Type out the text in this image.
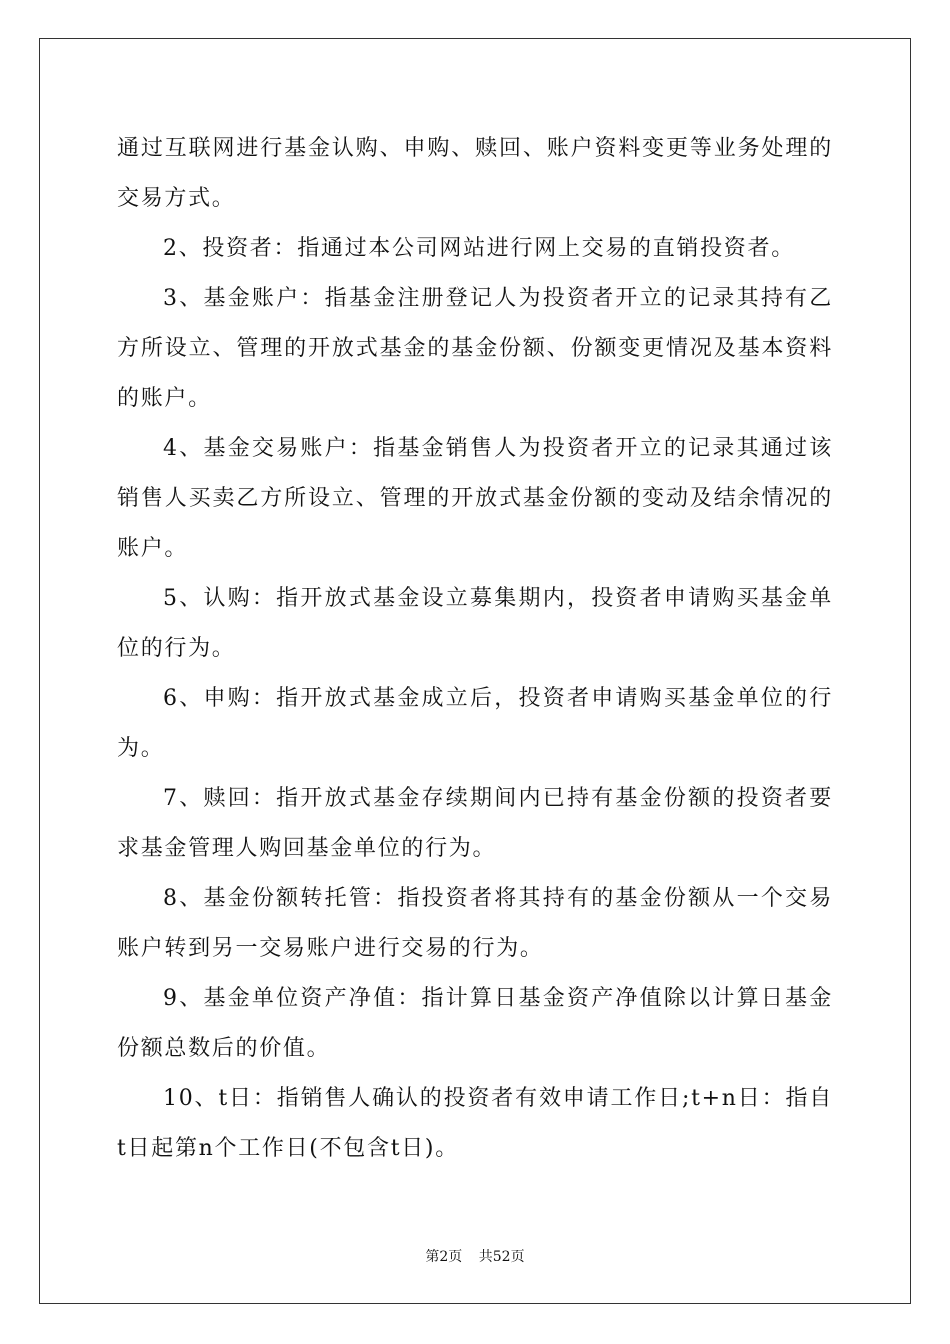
通过互联网进行基金认购、申购、赎回、账户资料变更等业务处理的交易方式。

2、投资者：指通过本公司网站进行网上交易的直销投资者。

3、基金账户：指基金注册登记人为投资者开立的记录其持有乙方所设立、管理的开放式基金的基金份额、份额变更情况及基本资料的账户。

4、基金交易账户：指基金销售人为投资者开立的记录其通过该销售人买卖乙方所设立、管理的开放式基金份额的变动及结余情况的账户。

5、认购：指开放式基金设立募集期内，投资者申请购买基金单位的行为。

6、申购：指开放式基金成立后，投资者申请购买基金单位的行为。

7、赎回：指开放式基金存续期间内已持有基金份额的投资者要求基金管理人购回基金单位的行为。

8、基金份额转托管：指投资者将其持有的基金份额从一个交易账户转到另一交易账户进行交易的行为。

9、基金单位资产净值：指计算日基金资产净值除以计算日基金份额总数后的价值。

10、t日：指销售人确认的投资者有效申请工作日;t+n日：指自t日起第n个工作日(不包含t日)。

第2页 共52页
